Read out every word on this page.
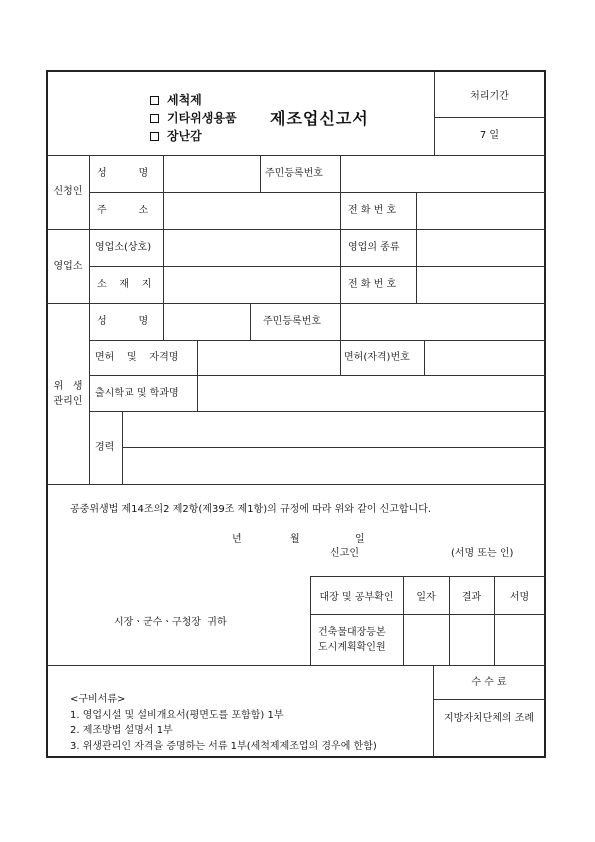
세척제
기타위생용품
장난감
제조업신고서
처리기간
7 일
신청인
성          명	주민등록번호
주          소	전 화 번 호
영업소
영업소(상호)	영업의 종류
소    재    지	전 화 번 호
위   생
관리인
성          명	주민등록번호
면허    및    자격명	면허(자격)번호
출시학교 및 학과명
경력
공중위생법 제14조의2 제2항(제39조 제1항)의 규정에 따라 위와 같이 신고합니다.
년	월	일
신고인	(서명 또는 인)
시장ㆍ군수ㆍ구청장  귀하
대장 및 공부확인	일자	결과	서명
건축물대장등본
도시계획확인원
수 수 료
지방자치단체의 조례
<구비서류>
1. 영업시설 및 설비개요서(평면도를 포함함) 1부
2. 제조방법 설명서 1부
3. 위생관리인 자격을 증명하는 서류 1부(세척제제조업의 경우에 한함)
